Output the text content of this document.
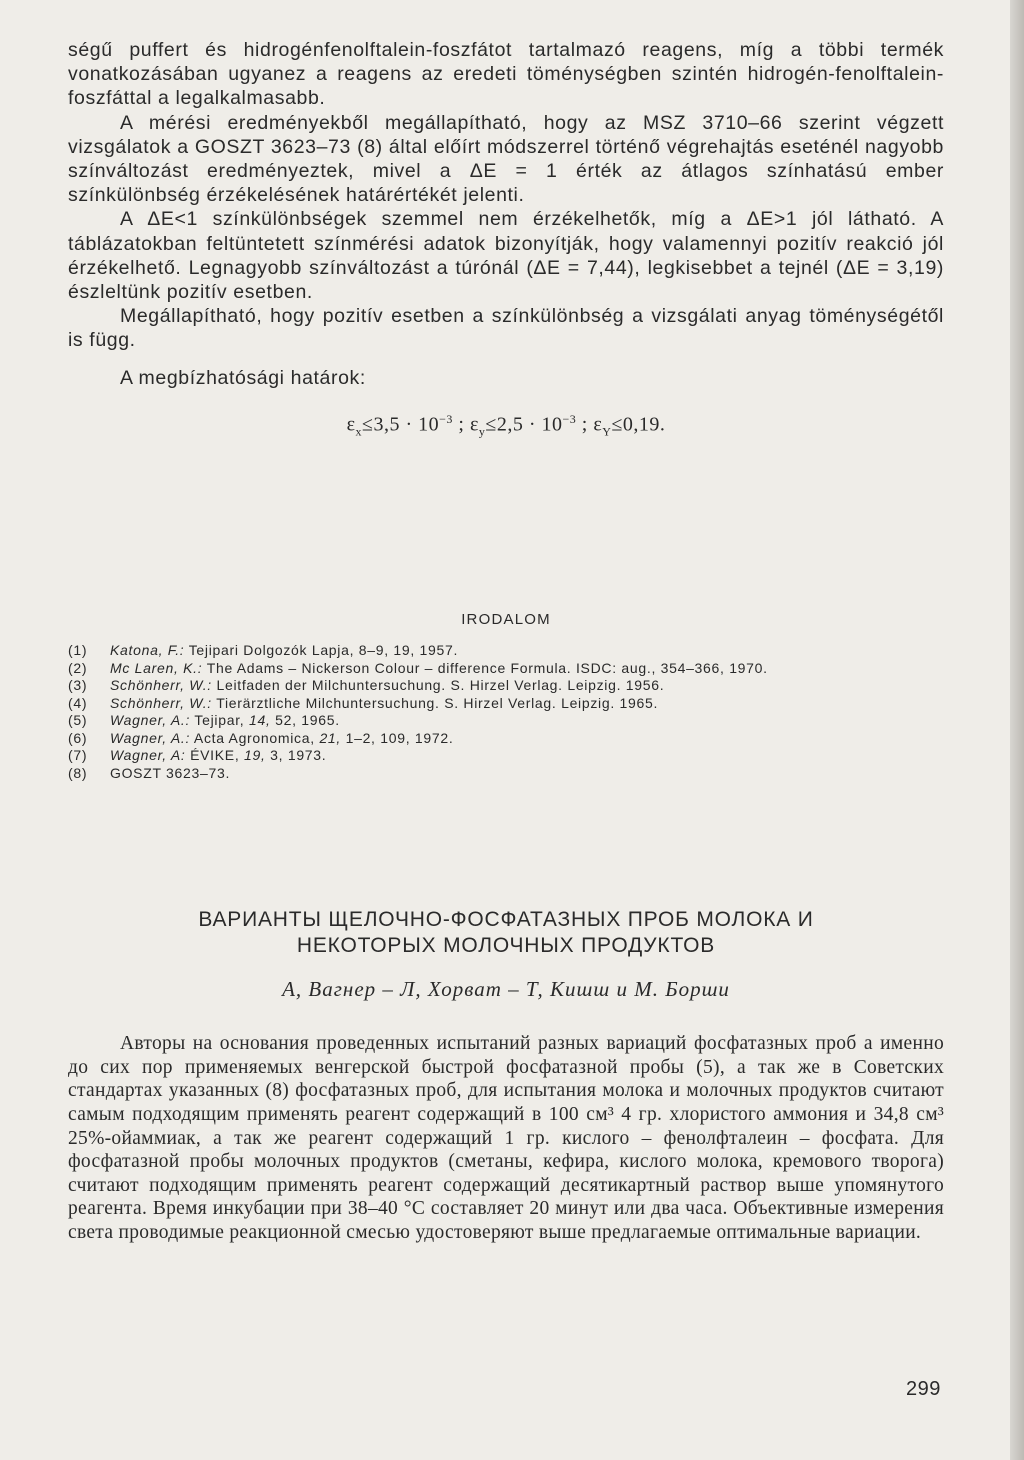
ségű puffert és hidrogénfenolftalein-foszfátot tartalmazó reagens, míg a többi termék vonatkozásában ugyanez a reagens az eredeti töménységben szintén hidrogén-fenolftalein-foszfáttal a legalkalmasabb.

A mérési eredményekből megállapítható, hogy az MSZ 3710–66 szerint végzett vizsgálatok a GOSZT 3623–73 (8) által előírt módszerrel történő végrehajtás eseténél nagyobb színváltozást eredményeztek, mivel a ΔE = 1 érték az átlagos színhatású ember színkülönbség érzékelésének határértékét jelenti.

A ΔE<1 színkülönbségek szemmel nem érzékelhetők, míg a ΔE>1 jól látható. A táblázatokban feltüntetett színmérési adatok bizonyítják, hogy valamennyi pozitív reakció jól érzékelhető. Legnagyobb színváltozást a túrónál (ΔE = 7,44), legkisebbet a tejnél (ΔE = 3,19) észleltünk pozitív esetben.

Megállapítható, hogy pozitív esetben a színkülönbség a vizsgálati anyag töménységétől is függ.

A megbízhatósági határok:
$\varepsilon_x\le 3,5 \cdot 10^{-3}$ ; $\varepsilon_y\le 2,5 \cdot 10^{-3}$ ; $\varepsilon_Y\le 0,19$.
IRODALOM
(1)	Katona, F.: Tejipari Dolgozók Lapja, 8–9, 19, 1957.
(2)	Mc Laren, K.: The Adams – Nickerson Colour – difference Formula. ISDC: aug., 354–366, 1970.
(3)	Schönherr, W.: Leitfaden der Milchuntersuchung. S. Hirzel Verlag. Leipzig. 1956.
(4)	Schönherr, W.: Tierärztliche Milchuntersuchung. S. Hirzel Verlag. Leipzig. 1965.
(5)	Wagner, A.: Tejipar, 14, 52, 1965.
(6)	Wagner, A.: Acta Agronomica, 21, 1–2, 109, 1972.
(7)	Wagner, A: ÉVIKE, 19, 3, 1973.
(8)	GOSZT 3623–73.
ВАРИАНТЫ ЩЕЛОЧНО-ФОСФАТАЗНЫХ ПРОБ МОЛОКА И
НЕКОТОРЫХ МОЛОЧНЫХ ПРОДУКТОВ
А, Вагнер – Л, Хорват – Т, Кишш и М. Борши

Авторы на основания проведенных испытаний разных вариаций фосфатазных проб а именно до сих пор применяемых венгерской быстрой фосфатазной пробы (5), а так же в Советских стандартах указанных (8) фосфатазных проб, для испытания молока и молочных продуктов считают самым подходящим применять реагент содержащий в 100 см³ 4 гр. хлористого аммония и 34,8 см³ 25%-ойаммиак, а так же реагент содержащий 1 гр. кислого – фенолфталеин – фосфата. Для фосфатазной пробы молочных продуктов (сметаны, кефира, кислого молока, кремового творога) считают подходящим применять реагент содержащий десятикартный раствор выше упомянутого реагента. Время инкубации при 38–40 °С составляет 20 минут или два часа. Объективные измерения света проводимые реакционной смесью удостоверяют выше предлагаемые оптимальные вариации.

299
